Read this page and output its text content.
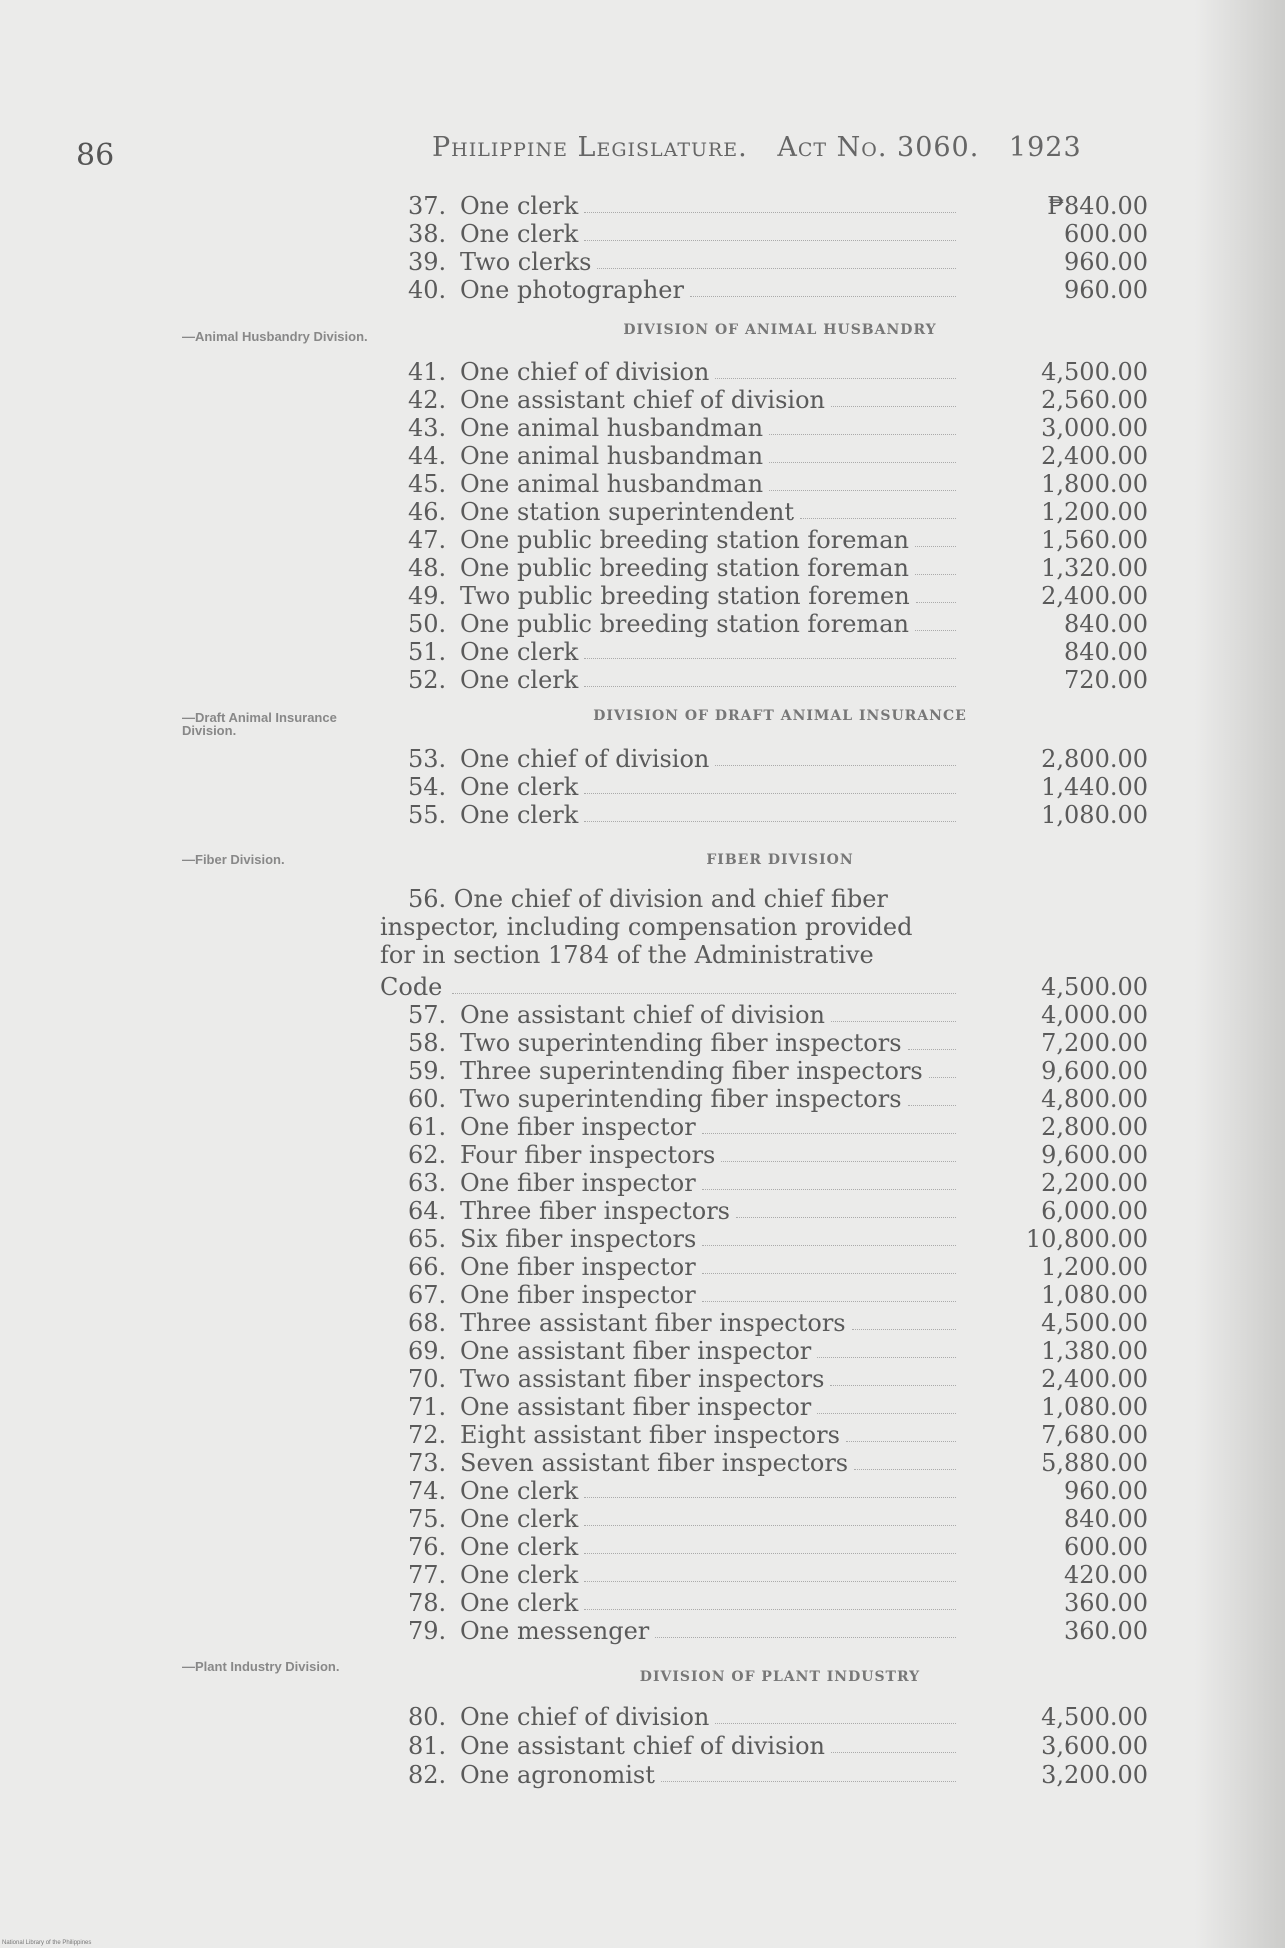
86	Philippine Legislature. Act No. 3060. 1923
—Animal Husbandry Division.
—Draft Animal Insurance Division.
—Fiber Division.
—Plant Industry Division.
DIVISION OF ANIMAL HUSBANDRY
DIVISION OF DRAFT ANIMAL INSURANCE
FIBER DIVISION
DIVISION OF PLANT INDUSTRY
37. One clerk	₱840.00
38. One clerk	600.00
39. Two clerks	960.00
40. One photographer	960.00
41. One chief of division	4,500.00
42. One assistant chief of division	2,560.00
43. One animal husbandman	3,000.00
44. One animal husbandman	2,400.00
45. One animal husbandman	1,800.00
46. One station superintendent	1,200.00
47. One public breeding station foreman	1,560.00
48. One public breeding station foreman	1,320.00
49. Two public breeding station foremen	2,400.00
50. One public breeding station foreman	840.00
51. One clerk	840.00
52. One clerk	720.00
53. One chief of division	2,800.00
54. One clerk	1,440.00
55. One clerk	1,080.00
56. One chief of division and chief fiber
inspector, including compensation provided
for in section 1784 of the Administrative
Code	4,500.00
57. One assistant chief of division	4,000.00
58. Two superintending fiber inspectors	7,200.00
59. Three superintending fiber inspectors	9,600.00
60. Two superintending fiber inspectors	4,800.00
61. One fiber inspector	2,800.00
62. Four fiber inspectors	9,600.00
63. One fiber inspector	2,200.00
64. Three fiber inspectors	6,000.00
65. Six fiber inspectors	10,800.00
66. One fiber inspector	1,200.00
67. One fiber inspector	1,080.00
68. Three assistant fiber inspectors	4,500.00
69. One assistant fiber inspector	1,380.00
70. Two assistant fiber inspectors	2,400.00
71. One assistant fiber inspector	1,080.00
72. Eight assistant fiber inspectors	7,680.00
73. Seven assistant fiber inspectors	5,880.00
74. One clerk	960.00
75. One clerk	840.00
76. One clerk	600.00
77. One clerk	420.00
78. One clerk	360.00
79. One messenger	360.00
80. One chief of division	4,500.00
81. One assistant chief of division	3,600.00
82. One agronomist	3,200.00
National Library of the Philippines
